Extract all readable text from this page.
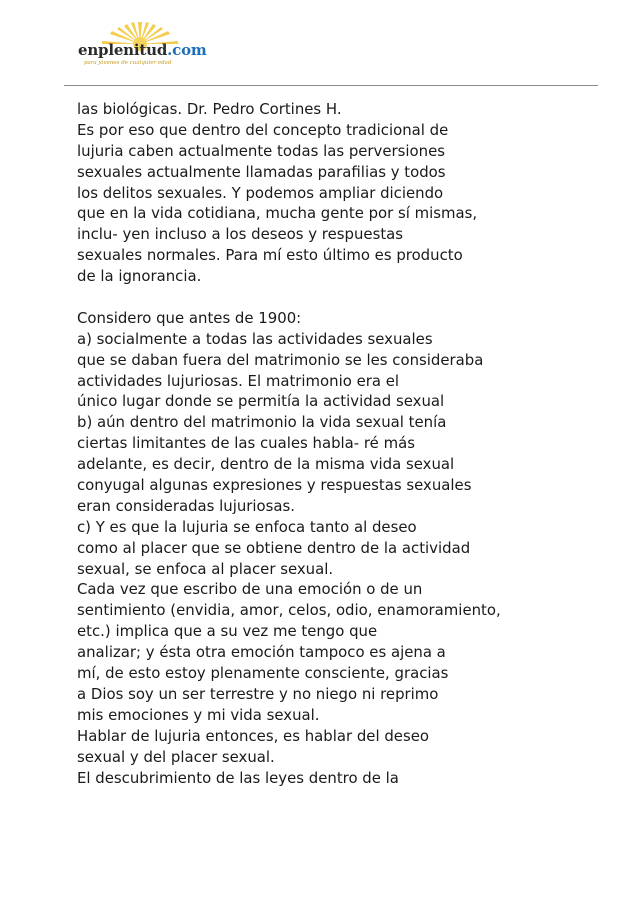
enplenitud.com
para jóvenes de cualquier edad
las biológicas. Dr. Pedro Cortines H.
Es por eso que dentro del concepto tradicional de
lujuria caben actualmente todas las perversiones
sexuales actualmente llamadas parafilias y todos
los delitos sexuales. Y podemos ampliar diciendo
que en la vida cotidiana, mucha gente por sí mismas,
inclu- yen incluso a los deseos y respuestas
sexuales normales. Para mí esto último es producto
de la ignorancia.
Considero que antes de 1900:
a) socialmente a todas las actividades sexuales
que se daban fuera del matrimonio se les consideraba
actividades lujuriosas. El matrimonio era el
único lugar donde se permitía la actividad sexual
b) aún dentro del matrimonio la vida sexual tenía
ciertas limitantes de las cuales habla- ré más
adelante, es decir, dentro de la misma vida sexual
conyugal algunas expresiones y respuestas sexuales
eran consideradas lujuriosas.
c) Y es que la lujuria se enfoca tanto al deseo
como al placer que se obtiene dentro de la actividad
sexual, se enfoca al placer sexual.
Cada vez que escribo de una emoción o de un
sentimiento (envidia, amor, celos, odio, enamoramiento,
etc.) implica que a su vez me tengo que
analizar; y ésta otra emoción tampoco es ajena a
mí, de esto estoy plenamente consciente, gracias
a Dios soy un ser terrestre y no niego ni reprimo
mis emociones y mi vida sexual.
Hablar de lujuria entonces, es hablar del deseo
sexual y del placer sexual.
El descubrimiento de las leyes dentro de la
